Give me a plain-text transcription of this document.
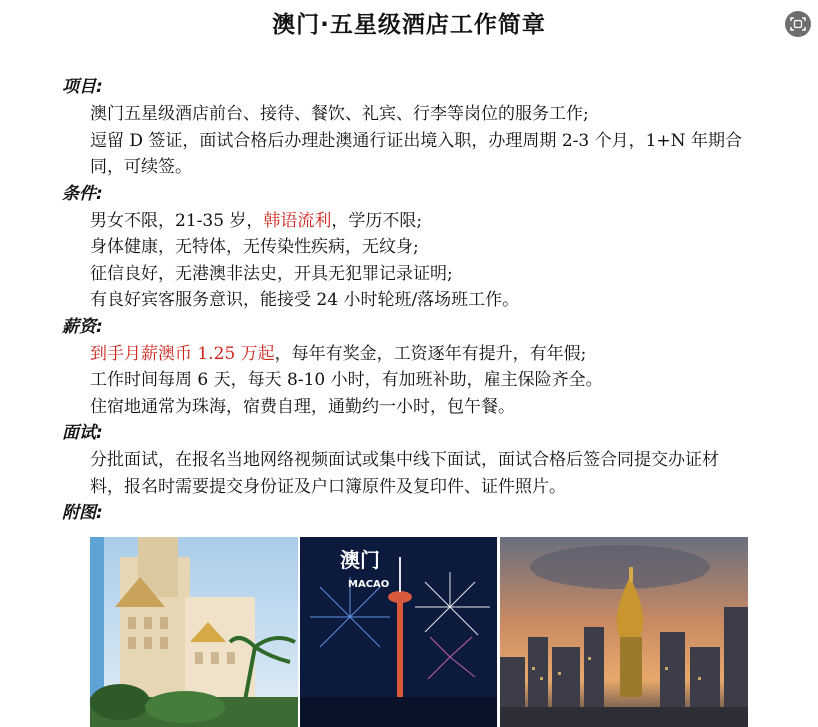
澳门·五星级酒店工作简章
项目:
澳门五星级酒店前台、接待、餐饮、礼宾、行李等岗位的服务工作;
逗留 D 签证，面试合格后办理赴澳通行证出境入职，办理周期 2-3 个月，1+N 年期合同，可续签。
条件:
男女不限，21-35 岁，韩语流利，学历不限;
身体健康，无特体，无传染性疾病，无纹身;
征信良好，无港澳非法史，开具无犯罪记录证明;
有良好宾客服务意识，能接受 24 小时轮班/落场班工作。
薪资:
到手月薪澳币 1.25 万起，每年有奖金，工资逐年有提升，有年假;
工作时间每周 6 天，每天 8-10 小时，有加班补助，雇主保险齐全。
住宿地通常为珠海，宿费自理，通勤约一小时，包午餐。
面试:
分批面试，在报名当地网络视频面试或集中线下面试，面试合格后签合同提交办证材料，报名时需要提交身份证及户口簿原件及复印件、证件照片。
附图:
澳门
MACAO
